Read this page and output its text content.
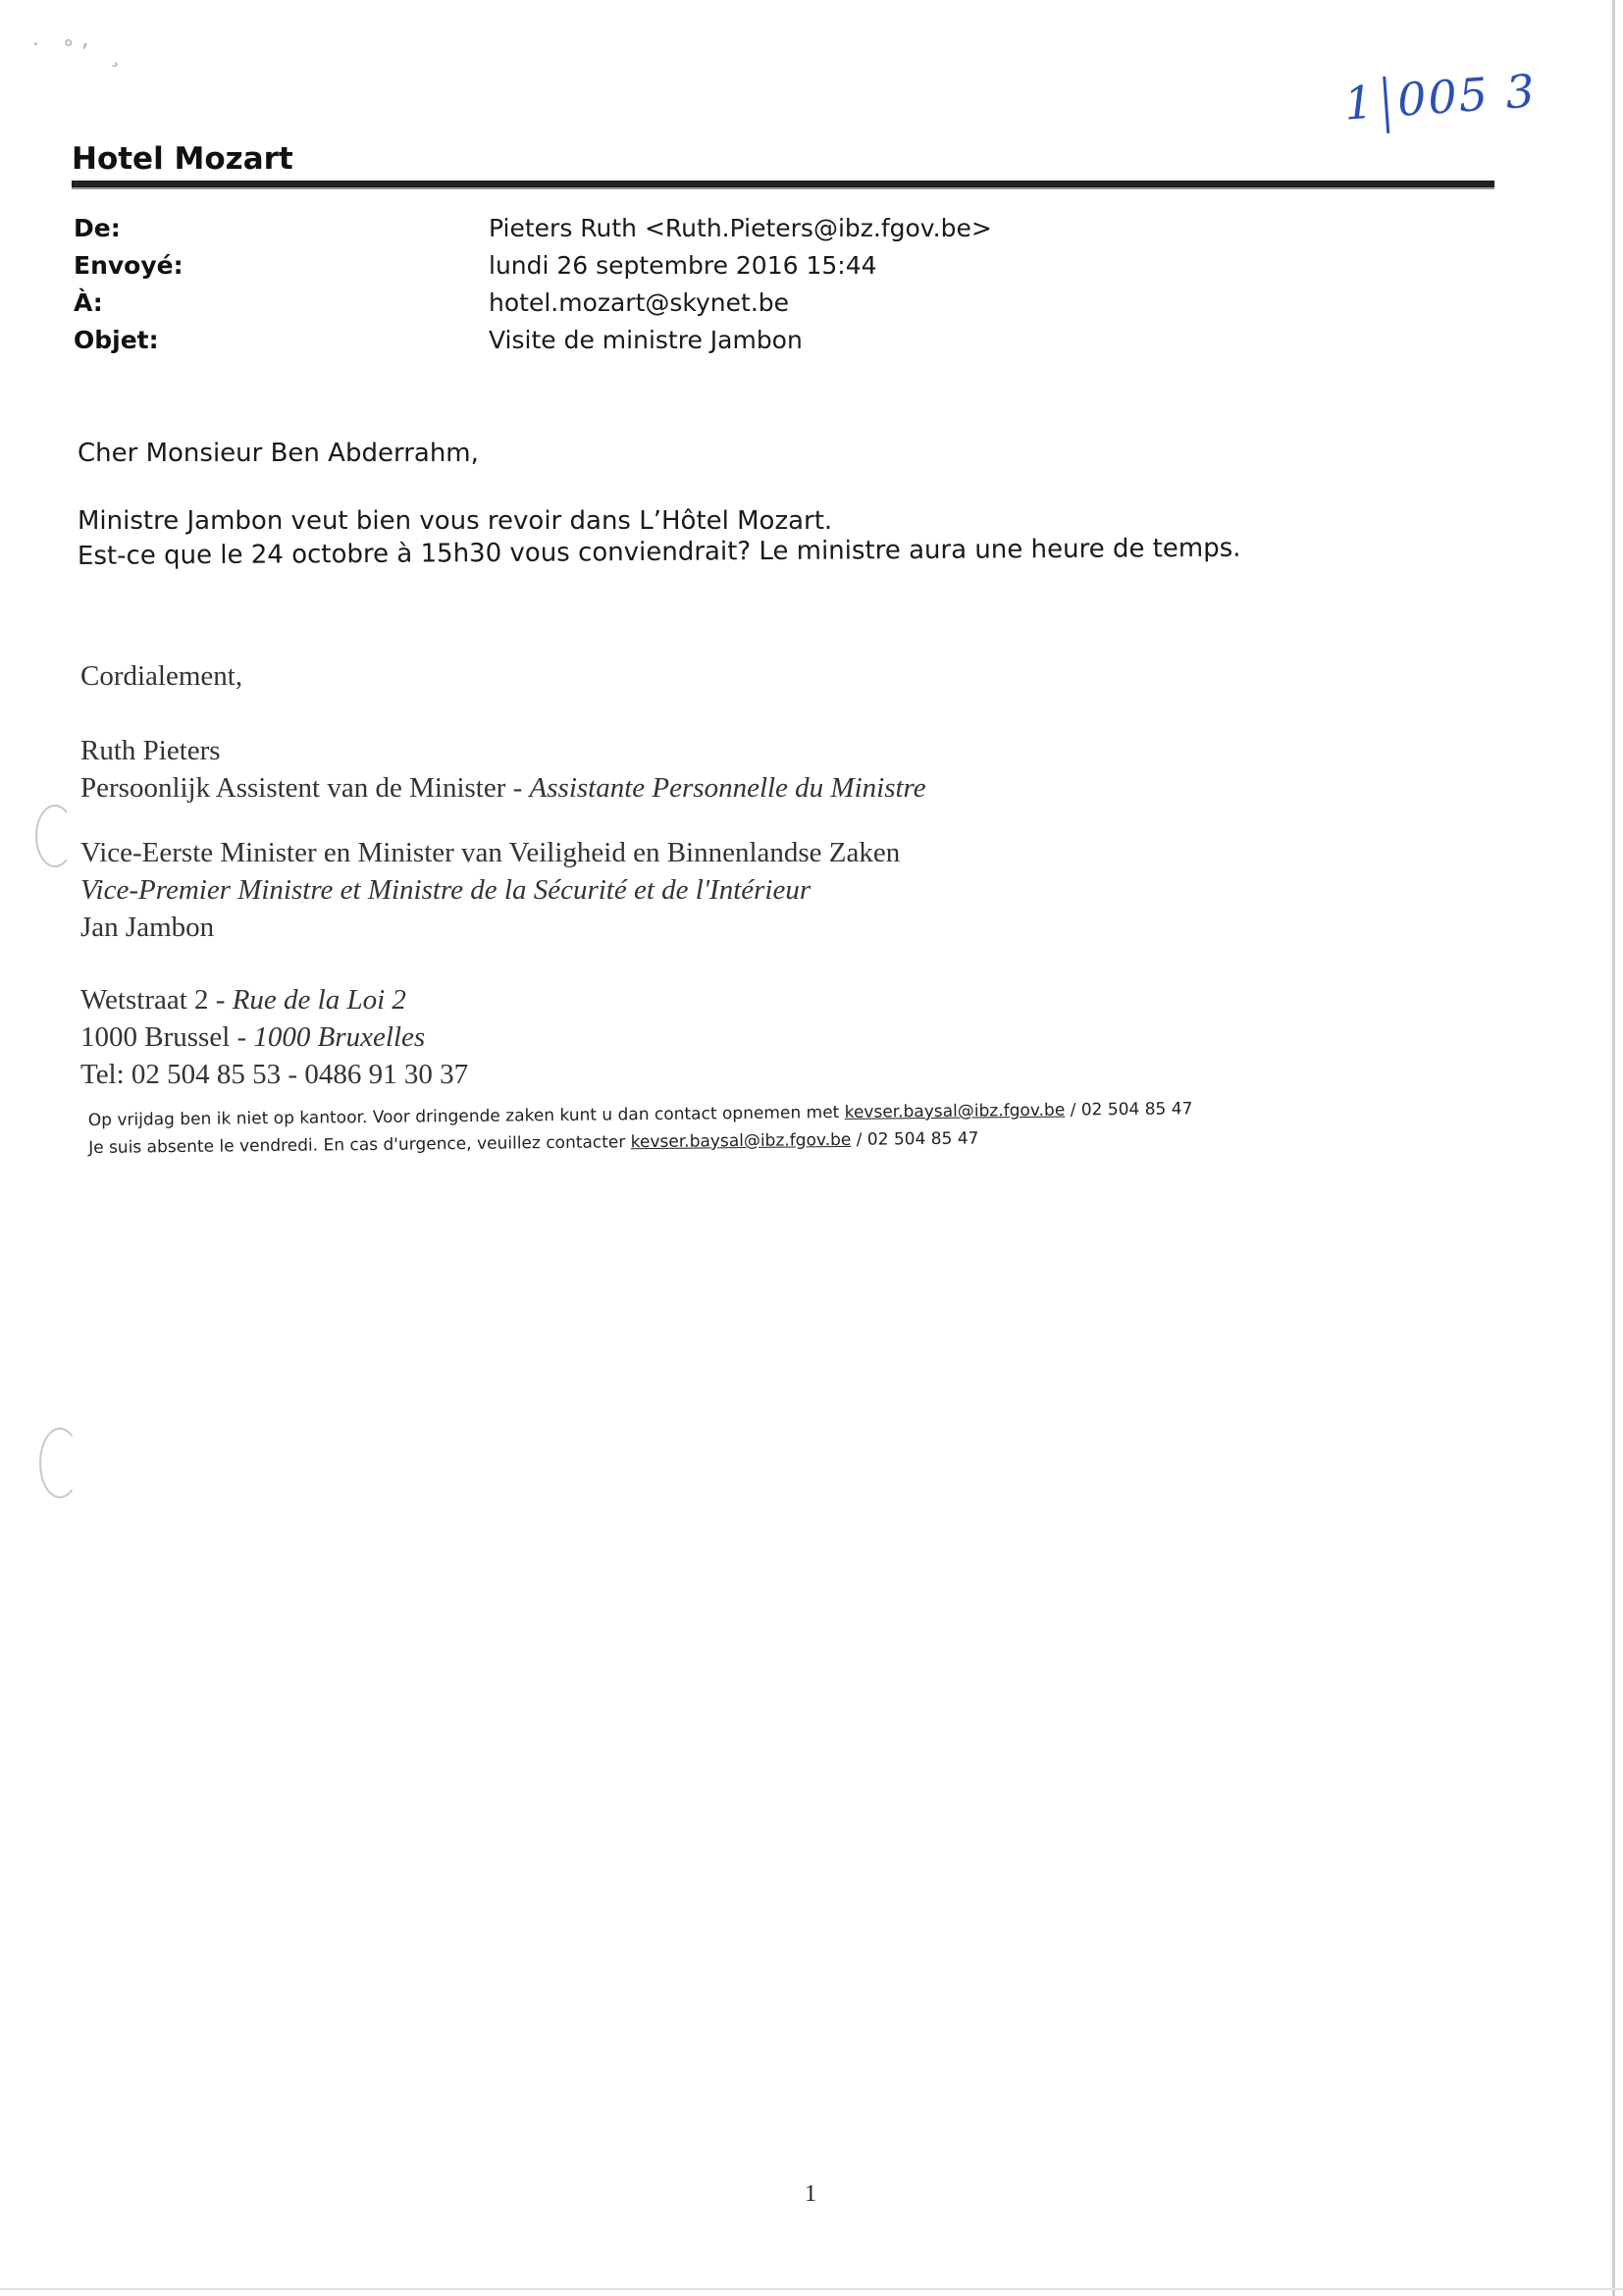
˙ ˚’ ¸
1 005 3
Hotel Mozart
De:	Pieters Ruth <Ruth.Pieters@ibz.fgov.be>
Envoyé:	lundi 26 septembre 2016 15:44
À:	hotel.mozart@skynet.be
Objet:	Visite de ministre Jambon
Cher Monsieur Ben Abderrahm,
Ministre Jambon veut bien vous revoir dans L’Hôtel Mozart.
Est-ce que le 24 octobre à 15h30 vous conviendrait? Le ministre aura une heure de temps.
Cordialement,
Ruth Pieters
Persoonlijk Assistent van de Minister - Assistante Personnelle du Ministre
Vice-Eerste Minister en Minister van Veiligheid en Binnenlandse Zaken
Vice-Premier Ministre et Ministre de la Sécurité et de l'Intérieur
Jan Jambon
Wetstraat 2 - Rue de la Loi 2
1000 Brussel - 1000 Bruxelles
Tel: 02 504 85 53 - 0486 91 30 37
Op vrijdag ben ik niet op kantoor. Voor dringende zaken kunt u dan contact opnemen met kevser.baysal@ibz.fgov.be / 02 504 85 47
Je suis absente le vendredi. En cas d'urgence, veuillez contacter kevser.baysal@ibz.fgov.be / 02 504 85 47
1
